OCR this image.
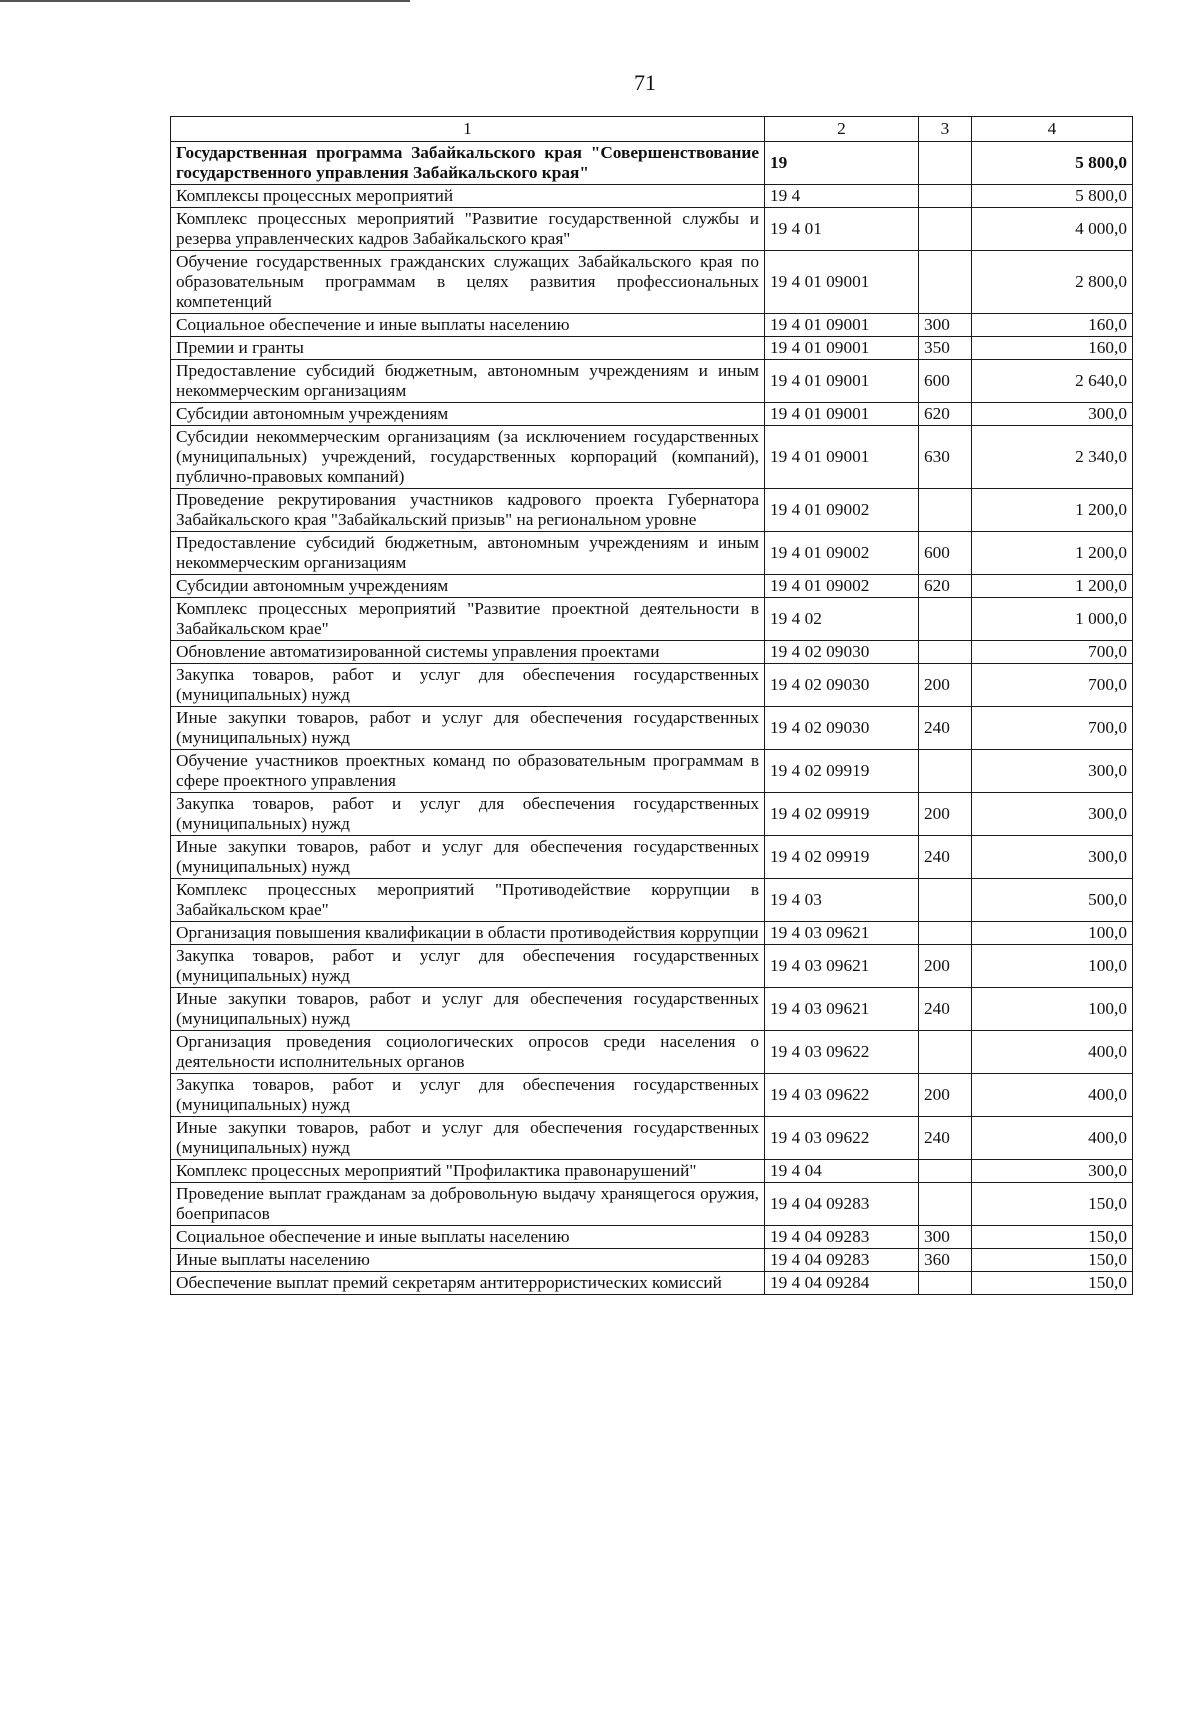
71
1	2	3	4
Государственная программа Забайкальского края "Совершенствование государственного управления Забайкальского края"	19		5 800,0
Комплексы процессных мероприятий	19 4		5 800,0
Комплекс процессных мероприятий "Развитие государственной службы и резерва управленческих кадров Забайкальского края"	19 4 01		4 000,0
Обучение государственных гражданских служащих Забайкальского края по образовательным программам в целях развития профессиональных компетенций	19 4 01 09001		2 800,0
Социальное обеспечение и иные выплаты населению	19 4 01 09001	300	160,0
Премии и гранты	19 4 01 09001	350	160,0
Предоставление субсидий бюджетным, автономным учреждениям и иным некоммерческим организациям	19 4 01 09001	600	2 640,0
Субсидии автономным учреждениям	19 4 01 09001	620	300,0
Субсидии некоммерческим организациям (за исключением государственных (муниципальных) учреждений, государственных корпораций (компаний), публично-правовых компаний)	19 4 01 09001	630	2 340,0
Проведение рекрутирования участников кадрового проекта Губернатора Забайкальского края "Забайкальский призыв" на региональном уровне	19 4 01 09002		1 200,0
Предоставление субсидий бюджетным, автономным учреждениям и иным некоммерческим организациям	19 4 01 09002	600	1 200,0
Субсидии автономным учреждениям	19 4 01 09002	620	1 200,0
Комплекс процессных мероприятий "Развитие проектной деятельности в Забайкальском крае"	19 4 02		1 000,0
Обновление автоматизированной системы управления проектами	19 4 02 09030		700,0
Закупка товаров, работ и услуг для обеспечения государственных (муниципальных) нужд	19 4 02 09030	200	700,0
Иные закупки товаров, работ и услуг для обеспечения государственных (муниципальных) нужд	19 4 02 09030	240	700,0
Обучение участников проектных команд по образовательным программам в сфере проектного управления	19 4 02 09919		300,0
Закупка товаров, работ и услуг для обеспечения государственных (муниципальных) нужд	19 4 02 09919	200	300,0
Иные закупки товаров, работ и услуг для обеспечения государственных (муниципальных) нужд	19 4 02 09919	240	300,0
Комплекс процессных мероприятий "Противодействие коррупции в Забайкальском крае"	19 4 03		500,0
Организация повышения квалификации в области противодействия коррупции	19 4 03 09621		100,0
Закупка товаров, работ и услуг для обеспечения государственных (муниципальных) нужд	19 4 03 09621	200	100,0
Иные закупки товаров, работ и услуг для обеспечения государственных (муниципальных) нужд	19 4 03 09621	240	100,0
Организация проведения социологических опросов среди населения о деятельности исполнительных органов	19 4 03 09622		400,0
Закупка товаров, работ и услуг для обеспечения государственных (муниципальных) нужд	19 4 03 09622	200	400,0
Иные закупки товаров, работ и услуг для обеспечения государственных (муниципальных) нужд	19 4 03 09622	240	400,0
Комплекс процессных мероприятий "Профилактика правонарушений"	19 4 04		300,0
Проведение выплат гражданам за добровольную выдачу хранящегося оружия, боеприпасов	19 4 04 09283		150,0
Социальное обеспечение и иные выплаты населению	19 4 04 09283	300	150,0
Иные выплаты населению	19 4 04 09283	360	150,0
Обеспечение выплат премий секретарям антитеррористических комиссий	19 4 04 09284		150,0
